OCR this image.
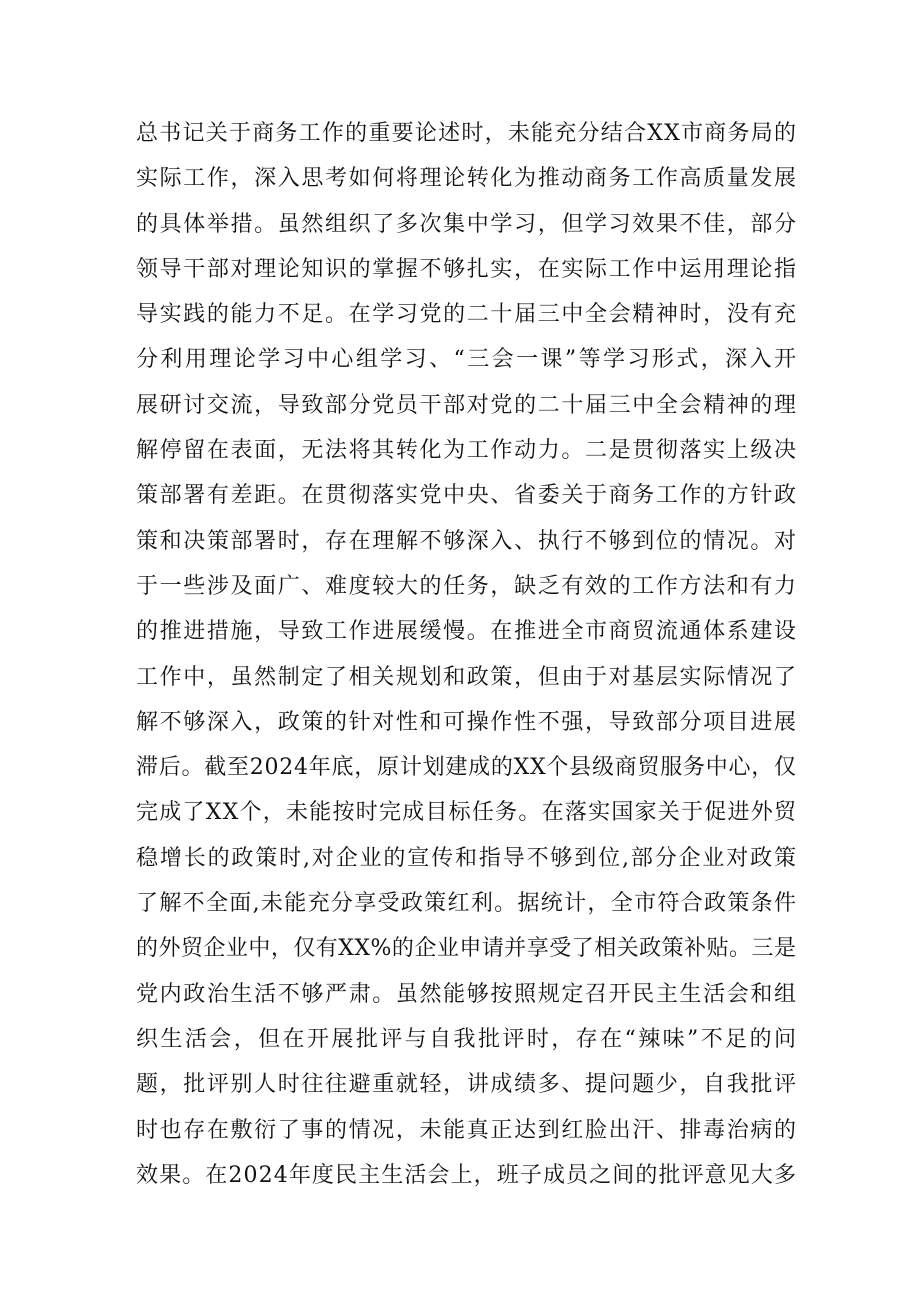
总书记关于商务工作的重要论述时，未能充分结合XX市商务局的
实际工作，深入思考如何将理论转化为推动商务工作高质量发展
的具体举措。虽然组织了多次集中学习，但学习效果不佳，部分
领导干部对理论知识的掌握不够扎实，在实际工作中运用理论指
导实践的能力不足。在学习党的二十届三中全会精神时，没有充
分利用理论学习中心组学习、“三会一课”等学习形式，深入开
展研讨交流，导致部分党员干部对党的二十届三中全会精神的理
解停留在表面，无法将其转化为工作动力。二是贯彻落实上级决
策部署有差距。在贯彻落实党中央、省委关于商务工作的方针政
策和决策部署时，存在理解不够深入、执行不够到位的情况。对
于一些涉及面广、难度较大的任务，缺乏有效的工作方法和有力
的推进措施，导致工作进展缓慢。在推进全市商贸流通体系建设
工作中，虽然制定了相关规划和政策，但由于对基层实际情况了
解不够深入，政策的针对性和可操作性不强，导致部分项目进展
滞后。截至2024年底，原计划建成的XX个县级商贸服务中心，仅
完成了XX个，未能按时完成目标任务。在落实国家关于促进外贸
稳增长的政策时,对企业的宣传和指导不够到位,部分企业对政策
了解不全面,未能充分享受政策红利。据统计，全市符合政策条件
的外贸企业中，仅有XX%的企业申请并享受了相关政策补贴。三是
党内政治生活不够严肃。虽然能够按照规定召开民主生活会和组
织生活会，但在开展批评与自我批评时，存在“辣味”不足的问
题，批评别人时往往避重就轻，讲成绩多、提问题少，自我批评
时也存在敷衍了事的情况，未能真正达到红脸出汗、排毒治病的
效果。在2024年度民主生活会上，班子成员之间的批评意见大多
